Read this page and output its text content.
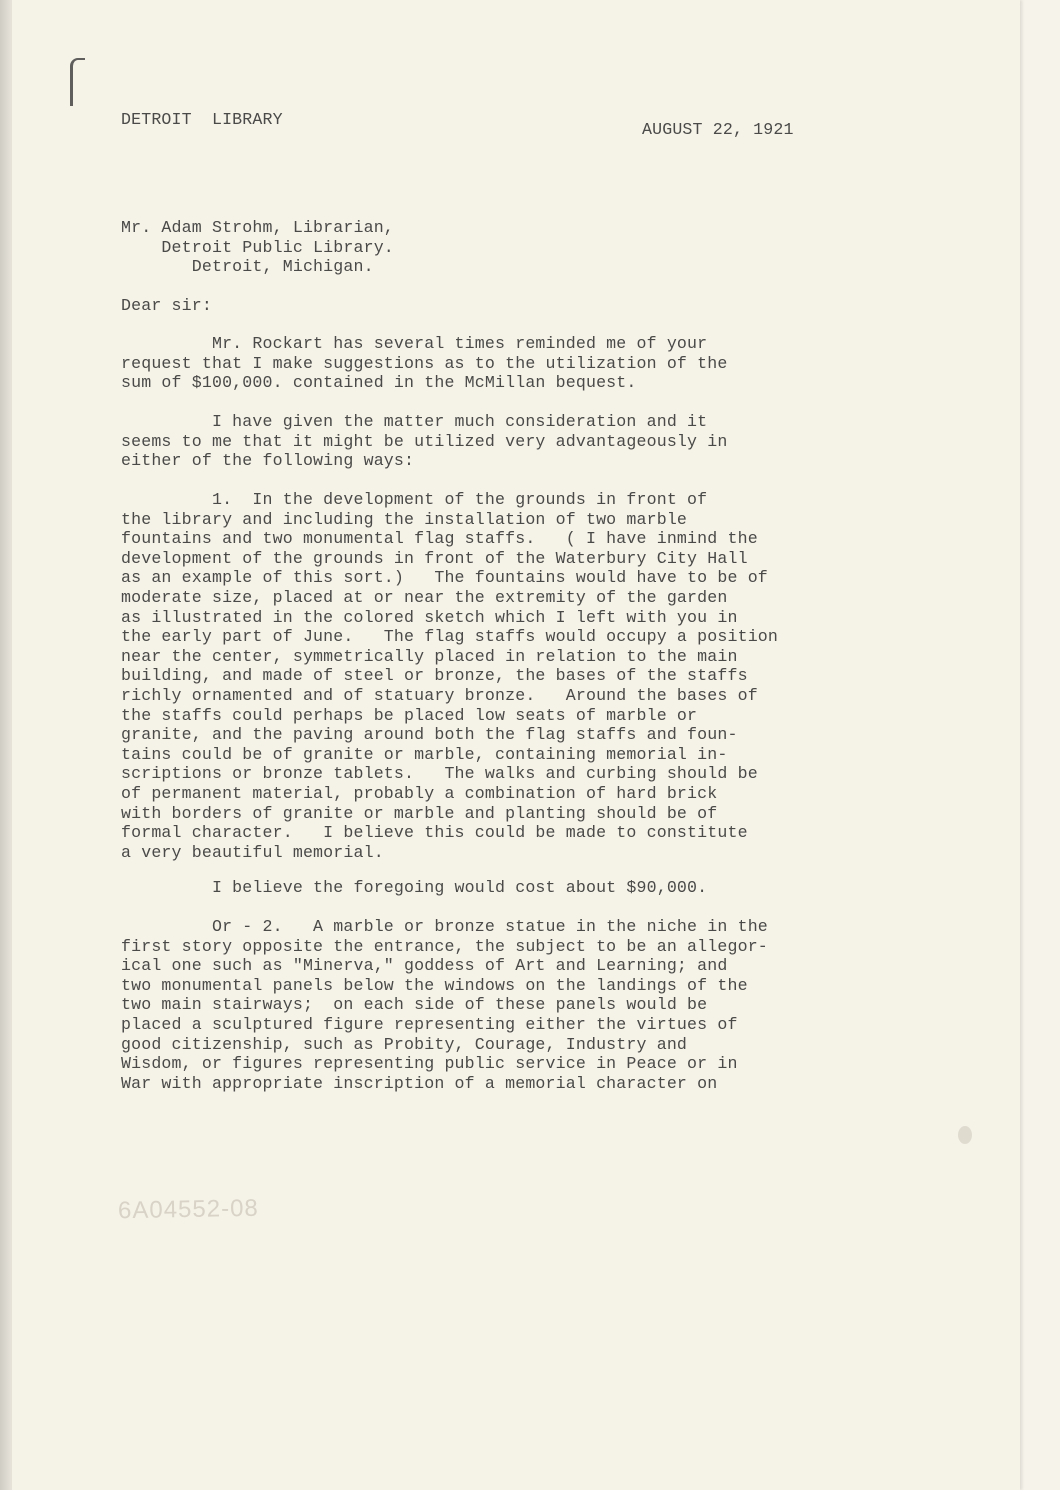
DETROIT  LIBRARY
AUGUST 22, 1921
Mr. Adam Strohm, Librarian,
Detroit Public Library.
Detroit, Michigan.
Dear sir:
Mr. Rockart has several times reminded me of your
request that I make suggestions as to the utilization of the
sum of $100,000. contained in the McMillan bequest.
I have given the matter much consideration and it
seems to me that it might be utilized very advantageously in
either of the following ways:
1.  In the development of the grounds in front of
the library and including the installation of two marble
fountains and two monumental flag staffs.   ( I have inmind the
development of the grounds in front of the Waterbury City Hall
as an example of this sort.)   The fountains would have to be of
moderate size, placed at or near the extremity of the garden
as illustrated in the colored sketch which I left with you in
the early part of June.   The flag staffs would occupy a position
near the center, symmetrically placed in relation to the main
building, and made of steel or bronze, the bases of the staffs
richly ornamented and of statuary bronze.   Around the bases of
the staffs could perhaps be placed low seats of marble or
granite, and the paving around both the flag staffs and foun-
tains could be of granite or marble, containing memorial in-
scriptions or bronze tablets.   The walks and curbing should be
of permanent material, probably a combination of hard brick
with borders of granite or marble and planting should be of
formal character.   I believe this could be made to constitute
a very beautiful memorial.
I believe the foregoing would cost about $90,000.
Or - 2.   A marble or bronze statue in the niche in the
first story opposite the entrance, the subject to be an allegor-
ical one such as "Minerva," goddess of Art and Learning; and
two monumental panels below the windows on the landings of the
two main stairways;  on each side of these panels would be
placed a sculptured figure representing either the virtues of
good citizenship, such as Probity, Courage, Industry and
Wisdom, or figures representing public service in Peace or in
War with appropriate inscription of a memorial character on
6A04552-08
